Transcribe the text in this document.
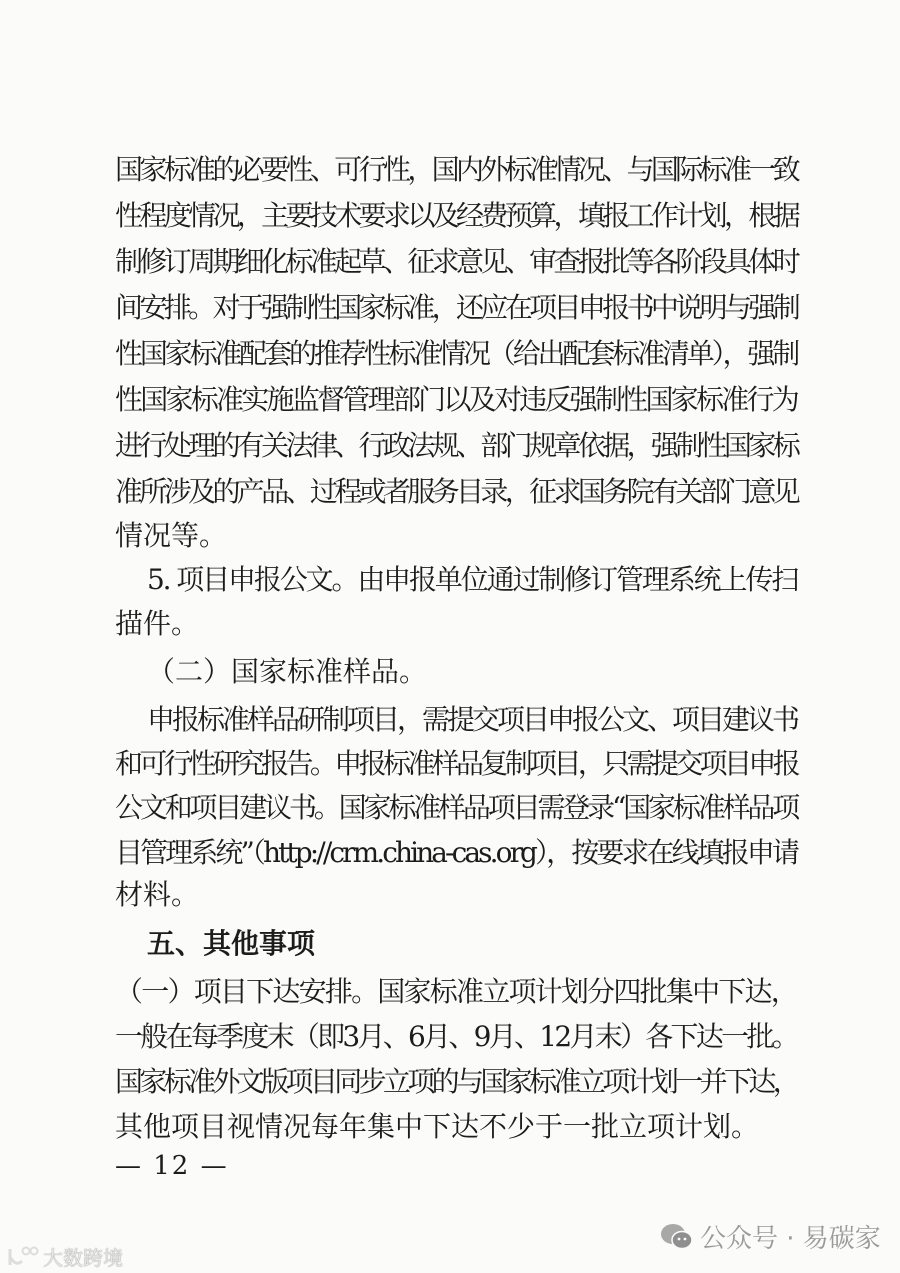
国家标准的必要性、可行性，国内外标准情况、与国际标准一致
性程度情况，主要技术要求以及经费预算，填报工作计划，根据
制修订周期细化标准起草、征求意见、审查报批等各阶段具体时
间安排。对于强制性国家标准，还应在项目申报书中说明与强制
性国家标准配套的推荐性标准情况（给出配套标准清单），强制
性国家标准实施监督管理部门以及对违反强制性国家标准行为
进行处理的有关法律、行政法规、部门规章依据，强制性国家标
准所涉及的产品、过程或者服务目录，征求国务院有关部门意见
情况等。
5. 项目申报公文。由申报单位通过制修订管理系统上传扫
描件。
（二）国家标准样品。
申报标准样品研制项目，需提交项目申报公文、项目建议书
和可行性研究报告。申报标准样品复制项目，只需提交项目申报
公文和项目建议书。国家标准样品项目需登录“国家标准样品项
目管理系统”（http://crm.china-cas.org），按要求在线填报申请
材料。
五、其他事项
（一）项目下达安排。国家标准立项计划分四批集中下达，
一般在每季度末（即3月、6月、9月、12月末）各下达一批。
国家标准外文版项目同步立项的与国家标准立项计划一并下达，
其他项目视情况每年集中下达不少于一批立项计划。
— 12 —
公众号 · 易碳家
大数跨境
